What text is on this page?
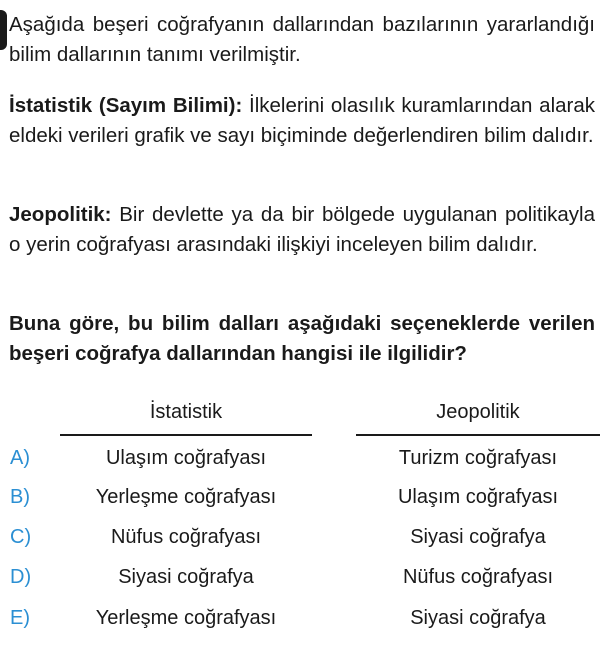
Aşağıda beşeri coğrafyanın dallarından bazılarının yararlandığı bilim dallarının tanımı verilmiştir.
İstatistik (Sayım Bilimi): İlkelerini olasılık kuramlarından alarak eldeki verileri grafik ve sayı biçiminde değerlendiren bilim dalıdır.
Jeopolitik: Bir devlette ya da bir bölgede uygulanan politikayla o yerin coğrafyası arasındaki ilişkiyi inceleyen bilim dalıdır.
Buna göre, bu bilim dalları aşağıdaki seçeneklerde verilen beşeri coğrafya dallarından hangisi ile ilgilidir?
İstatistik	Jeopolitik
A)	Ulaşım coğrafyası	Turizm coğrafyası
B)	Yerleşme coğrafyası	Ulaşım coğrafyası
C)	Nüfus coğrafyası	Siyasi coğrafya
D)	Siyasi coğrafya	Nüfus coğrafyası
E)	Yerleşme coğrafyası	Siyasi coğrafya
